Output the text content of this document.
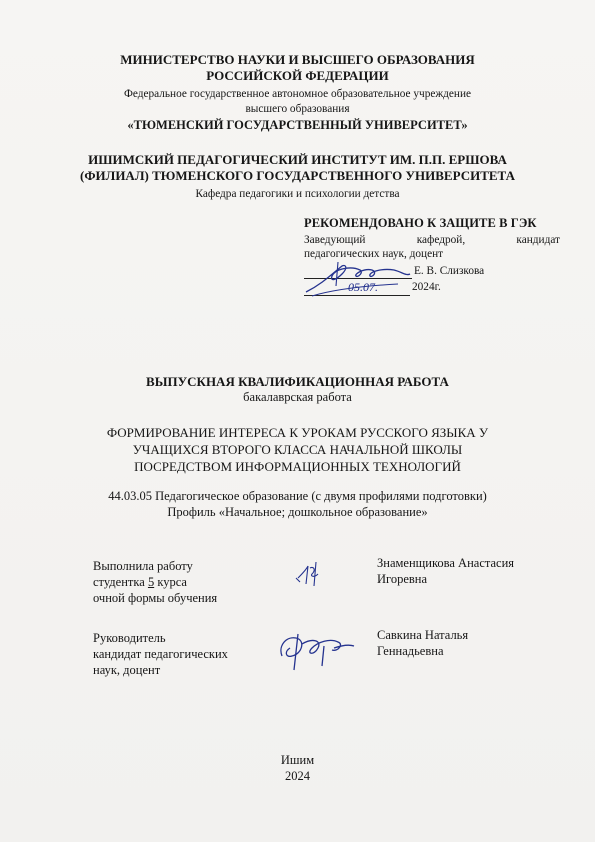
МИНИСТЕРСТВО НАУКИ И ВЫСШЕГО ОБРАЗОВАНИЯ
РОССИЙСКОЙ ФЕДЕРАЦИИ
Федеральное государственное автономное образовательное учреждение
высшего образования
«ТЮМЕНСКИЙ ГОСУДАРСТВЕННЫЙ УНИВЕРСИТЕТ»
ИШИМСКИЙ ПЕДАГОГИЧЕСКИЙ ИНСТИТУТ ИМ. П.П. ЕРШОВА
(ФИЛИАЛ) ТЮМЕНСКОГО ГОСУДАРСТВЕННОГО УНИВЕРСИТЕТА
Кафедра педагогики и психологии детства
РЕКОМЕНДОВАНО К ЗАЩИТЕ В ГЭК
Заведующий кафедрой, кандидат
педагогических наук, доцент
Е. В. Слизкова
05.07.	2024г.
ВЫПУСКНАЯ КВАЛИФИКАЦИОННАЯ РАБОТА
бакалаврская работа
ФОРМИРОВАНИЕ ИНТЕРЕСА К УРОКАМ РУССКОГО ЯЗЫКА У
УЧАЩИХСЯ ВТОРОГО КЛАССА НАЧАЛЬНОЙ ШКОЛЫ
ПОСРЕДСТВОМ ИНФОРМАЦИОННЫХ ТЕХНОЛОГИЙ
44.03.05 Педагогическое образование (с двумя профилями подготовки)
Профиль «Начальное; дошкольное образование»
Выполнила работу
студентка 5 курса
очной формы обучения
Знаменщикова Анастасия
Игоревна
Руководитель
кандидат педагогических
наук, доцент
Савкина Наталья
Геннадьевна
Ишим
2024
